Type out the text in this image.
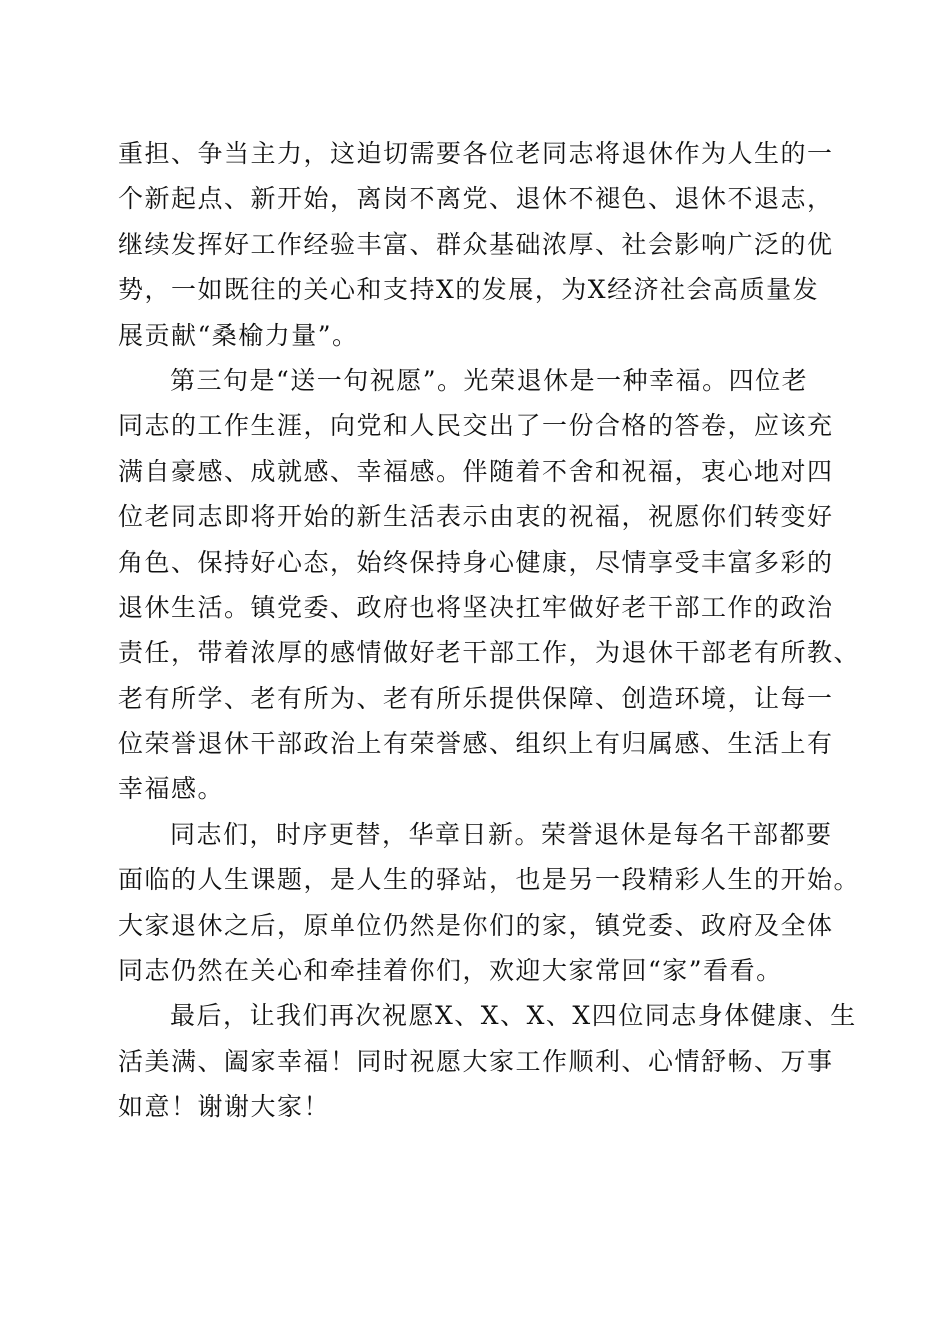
重担、争当主力，这迫切需要各位老同志将退休作为人生的一
个新起点、新开始，离岗不离党、退休不褪色、退休不退志，
继续发挥好工作经验丰富、群众基础浓厚、社会影响广泛的优
势，一如既往的关心和支持X的发展，为X经济社会高质量发
展贡献“桑榆力量”。
第三句是“送一句祝愿”。光荣退休是一种幸福。四位老
同志的工作生涯，向党和人民交出了一份合格的答卷，应该充
满自豪感、成就感、幸福感。伴随着不舍和祝福，衷心地对四
位老同志即将开始的新生活表示由衷的祝福，祝愿你们转变好
角色、保持好心态，始终保持身心健康，尽情享受丰富多彩的
退休生活。镇党委、政府也将坚决扛牢做好老干部工作的政治
责任，带着浓厚的感情做好老干部工作，为退休干部老有所教、
老有所学、老有所为、老有所乐提供保障、创造环境，让每一
位荣誉退休干部政治上有荣誉感、组织上有归属感、生活上有
幸福感。
同志们，时序更替，华章日新。荣誉退休是每名干部都要
面临的人生课题，是人生的驿站，也是另一段精彩人生的开始。
大家退休之后，原单位仍然是你们的家，镇党委、政府及全体
同志仍然在关心和牵挂着你们，欢迎大家常回“家”看看。
最后，让我们再次祝愿X、X、X、X四位同志身体健康、生
活美满、阖家幸福！同时祝愿大家工作顺利、心情舒畅、万事
如意！谢谢大家！
